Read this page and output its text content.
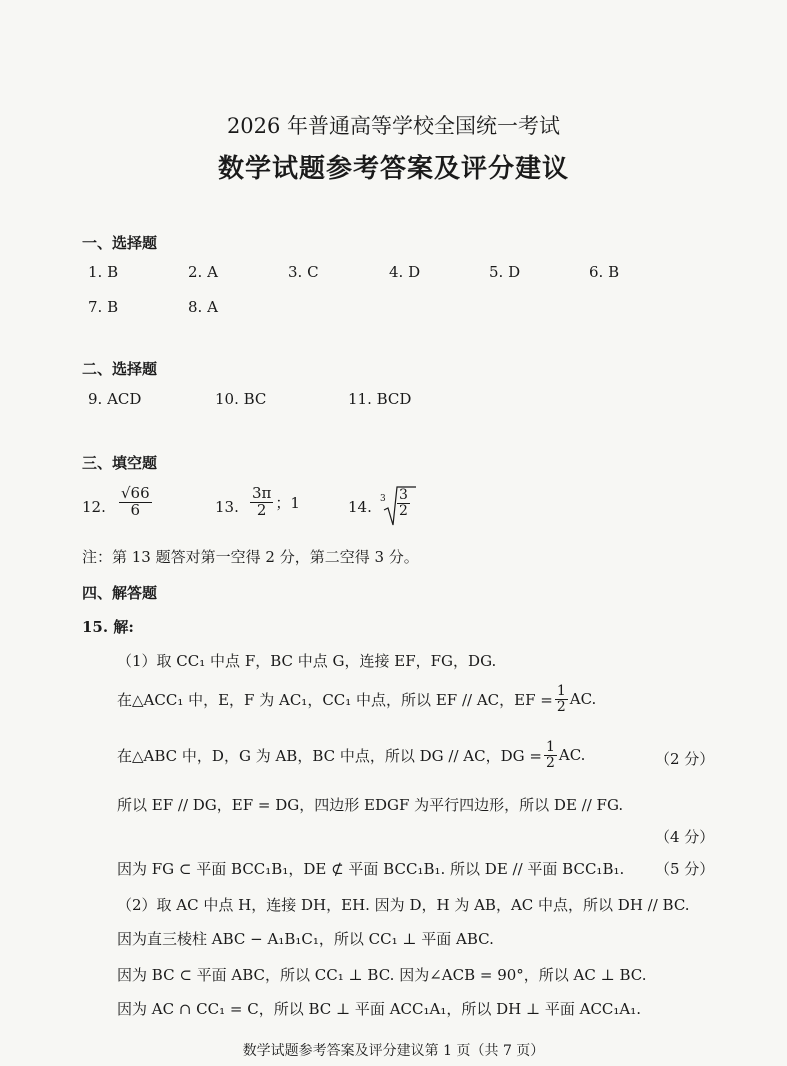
2026 年普通高等学校全国统一考试
数学试题参考答案及评分建议
一、选择题
1. B	2. A	3. C	4. D	5. D	6. B
7. B	8. A
二、选择题
9. ACD	10. BC	11. BCD
三、填空题
12. $\frac{√66}{6}$	13. $\frac{3\pi}{2}$ ；1	14. $3 \frac{3}{2}$
注：第 13 题答对第一空得 2 分，第二空得 3 分。
四、解答题
15. 解:
（1）取 CC₁ 中点 F，BC 中点 G，连接 EF，FG，DG.
在△ACC₁ 中，E，F 为 AC₁，CC₁ 中点，所以 EF // AC，EF = $\frac{1}{2}$ AC.
在△ABC 中，D，G 为 AB，BC 中点，所以 DG // AC，DG = $\frac{1}{2}$ AC.	（2 分）
所以 EF // DG，EF = DG，四边形 EDGF 为平行四边形，所以 DE // FG.
（4 分）
因为 FG ⊂ 平面 BCC₁B₁，DE ⊄ 平面 BCC₁B₁. 所以 DE // 平面 BCC₁B₁. （5 分）
（2）取 AC 中点 H，连接 DH，EH. 因为 D，H 为 AB，AC 中点，所以 DH // BC.
因为直三棱柱 ABC − A₁B₁C₁，所以 CC₁ ⊥ 平面 ABC.
因为 BC ⊂ 平面 ABC，所以 CC₁ ⊥ BC. 因为∠ACB = 90°，所以 AC ⊥ BC.
因为 AC ∩ CC₁ = C，所以 BC ⊥ 平面 ACC₁A₁，所以 DH ⊥ 平面 ACC₁A₁.
数学试题参考答案及评分建议第 1 页（共 7 页）
